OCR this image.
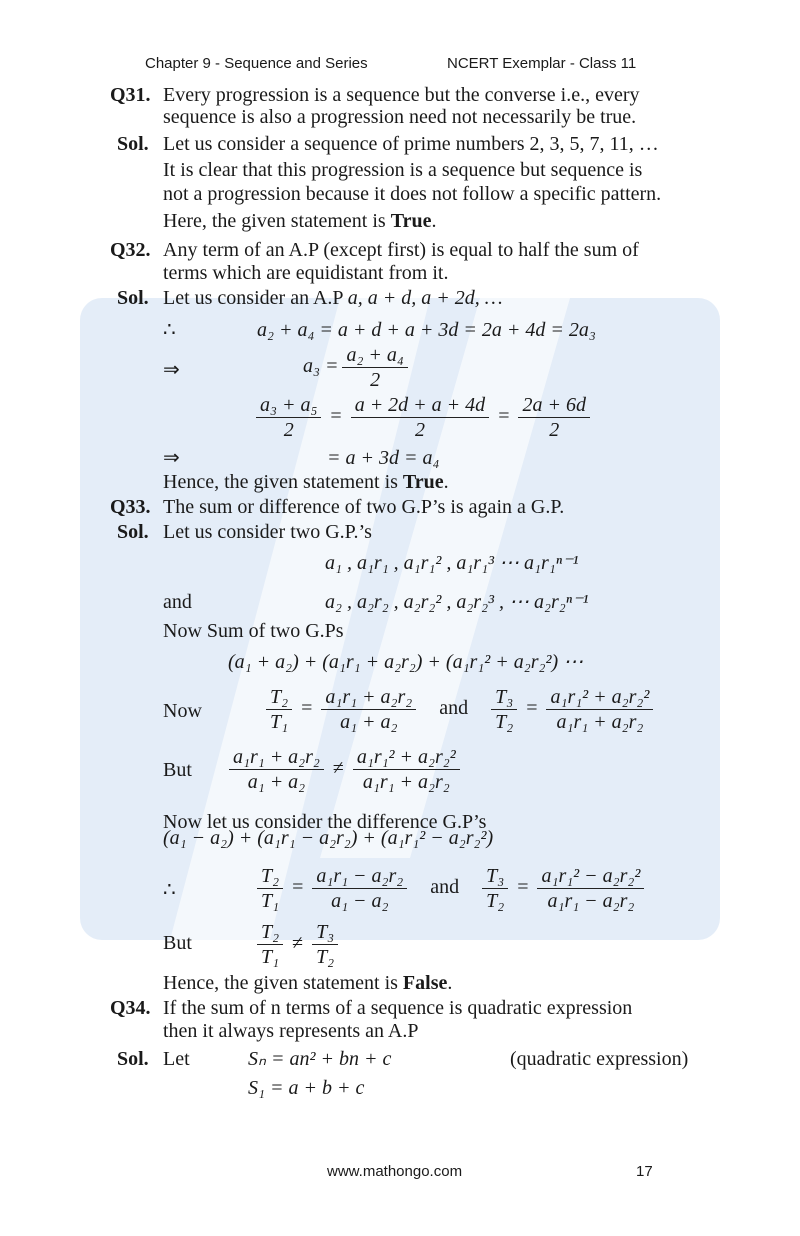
Chapter 9 - Sequence and Series	NCERT Exemplar - Class 11
Q31. Every progression is a sequence but the converse i.e., every
sequence is also a progression need not necessarily be true.
Sol. Let us consider a sequence of prime numbers 2, 3, 5, 7, 11, …
It is clear that this progression is a sequence but sequence is
not a progression because it does not follow a specific pattern.
Here, the given statement is True.
Q32. Any term of an A.P (except first) is equal to half the sum of
terms which are equidistant from it.
Sol. Let us consider an A.P a, a + d, a + 2d, …
∴	a₂ + a₄ = a + d + a + 3d = 2a + 4d = 2a₃
⇒	$a_3 = \frac{\text{a₂ + a₄}}{2}$
$\frac{\text{a₃ + a₅}}{2} = \frac{a + 2d + a + 4d}{2} = \frac{2a + 6d}{2}$
⇒	= a + 3d = a₄
Hence, the given statement is True.
Q33. The sum or difference of two G.P’s is again a G.P.
Sol. Let us consider two G.P.’s
a₁ , a₁r₁ , a₁r₁² , a₁r₁³ ⋯ a₁r₁ⁿ⁻¹
and	a₂ , a₂r₂ , a₂r₂² , a₂r₂³ , ⋯ a₂r₂ⁿ⁻¹
Now Sum of two G.Ps
(a₁ + a₂) + (a₁r₁ + a₂r₂) + (a₁r₁² + a₂r₂²) ⋯
Now	$\frac{\text{T₂}}{\text{T₁}} = \frac{\text{a₁r₁ + a₂r₂}}{\text{a₁ + a₂}}$ and $\frac{\text{T₃}}{\text{T₂}} = \frac{\text{a₁r₁² + a₂r₂²}}{\text{a₁r₁ + a₂r₂}}$
But $\frac{\text{a₁r₁ + a₂r₂}}{\text{a₁ + a₂}} \ne \frac{\text{a₁r₁² + a₂r₂²}}{\text{a₁r₁ + a₂r₂}}$
Now let us consider the difference G.P’s
(a₁ − a₂) + (a₁r₁ − a₂r₂) + (a₁r₁² − a₂r₂²)
∴	$\frac{\text{T₂}}{\text{T₁}} = \frac{\text{a₁r₁ − a₂r₂}}{\text{a₁ − a₂}}$ and $\frac{\text{T₃}}{\text{T₂}} = \frac{\text{a₁r₁² − a₂r₂²}}{\text{a₁r₁ − a₂r₂}}$
But	$\frac{\text{T₂}}{\text{T₁}} \ne \frac{\text{T₃}}{\text{T₂}}$
Hence, the given statement is False.
Q34. If the sum of n terms of a sequence is quadratic expression
then it always represents an A.P
Sol. Let	Sₙ = an² + bn + c	(quadratic expression)
S₁ = a + b + c
www.mathongo.com	17
